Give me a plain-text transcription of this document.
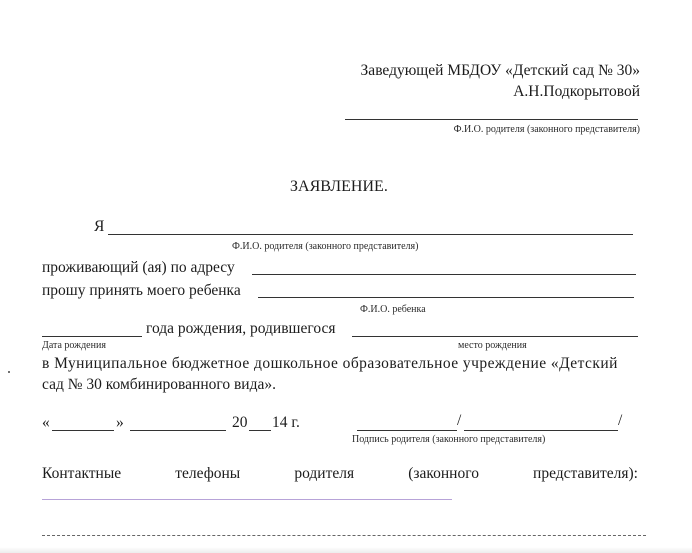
Заведующей МБДОУ «Детский сад № 30»
А.Н.Подкорытовой
Ф.И.О. родителя (законного представителя)
ЗАЯВЛЕНИЕ.
Я
Ф.И.О. родителя (законного представителя)
проживающий (ая) по адресу
прошу принять моего ребенка
Ф.И.О. ребенка
года рождения, родившегося
Дата рождения	место рождения
в Муниципальное бюджетное дошкольное образовательное учреждение «Детский
сад № 30 комбинированного вида».
«	»	20 14 г.	/	/
Подпись родителя (законного представителя)
Контактные	телефоны	родителя	(законного	представителя):
